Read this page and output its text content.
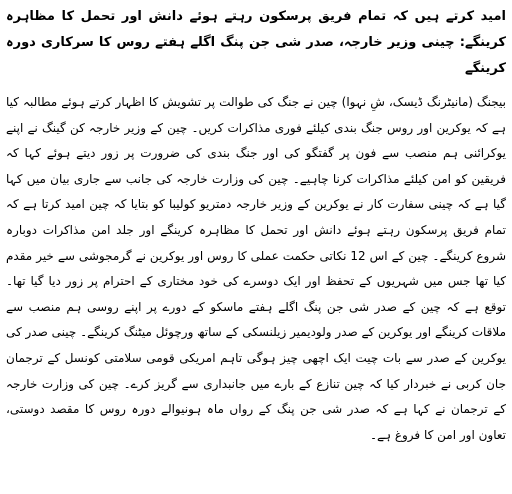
امید کرتے ہیں کہ تمام فریق پرسکون رہتے ہوئے دانش اور تحمل کا مظاہرہ کرینگے: چینی وزیر خارجہ، صدر شی جن پنگ اگلے ہفتے روس کا سرکاری دورہ کرینگے

بیجنگ (مانیٹرنگ ڈیسک، شِ نہوا) چین نے جنگ کی طوالت پر تشویش کا اظہار کرتے ہوئے مطالبہ کیا ہے کہ یوکرین اور روس جنگ بندی کیلئے فوری مذاکرات کریں۔ چین کے وزیر خارجہ کن گینگ نے اپنے یوکرائنی ہم منصب سے فون پر گفتگو کی اور جنگ بندی کی ضرورت پر زور دیتے ہوئے کہا کہ فریقین کو امن کیلئے مذاکرات کرنا چاہیے۔ چین کی وزارت خارجہ کی جانب سے جاری بیان میں کہا گیا ہے کہ چینی سفارت کار نے یوکرین کے وزیر خارجہ دمتریو کولیبا کو بتایا کہ چین امید کرتا ہے کہ تمام فریق پرسکون رہتے ہوئے دانش اور تحمل کا مظاہرہ کرینگے اور جلد امن مذاکرات دوبارہ شروع کرینگے۔ چین کے اس 12 نکاتی حکمت عملی کا روس اور یوکرین نے گرمجوشی سے خیر مقدم کیا تھا جس میں شہریوں کے تحفظ اور ایک دوسرے کی خود مختاری کے احترام پر زور دیا گیا تھا۔ توقع ہے کہ چین کے صدر شی جن پنگ اگلے ہفتے ماسکو کے دورے پر اپنے روسی ہم منصب سے ملاقات کرینگے اور یوکرین کے صدر ولودیمیر زیلنسکی کے ساتھ ورچوئل میٹنگ کرینگے۔ چینی صدر کی یوکرین کے صدر سے بات چیت ایک اچھی چیز ہوگی تاہم امریکی قومی سلامتی کونسل کے ترجمان جان کربی نے خبردار کیا کہ چین تنازع کے بارے میں جانبداری سے گریز کرے۔ چین کی وزارت خارجہ کے ترجمان نے کہا ہے کہ صدر شی جن پنگ کے رواں ماہ ہونیوالے دورہ روس کا مقصد دوستی، تعاون اور امن کا فروغ ہے۔
